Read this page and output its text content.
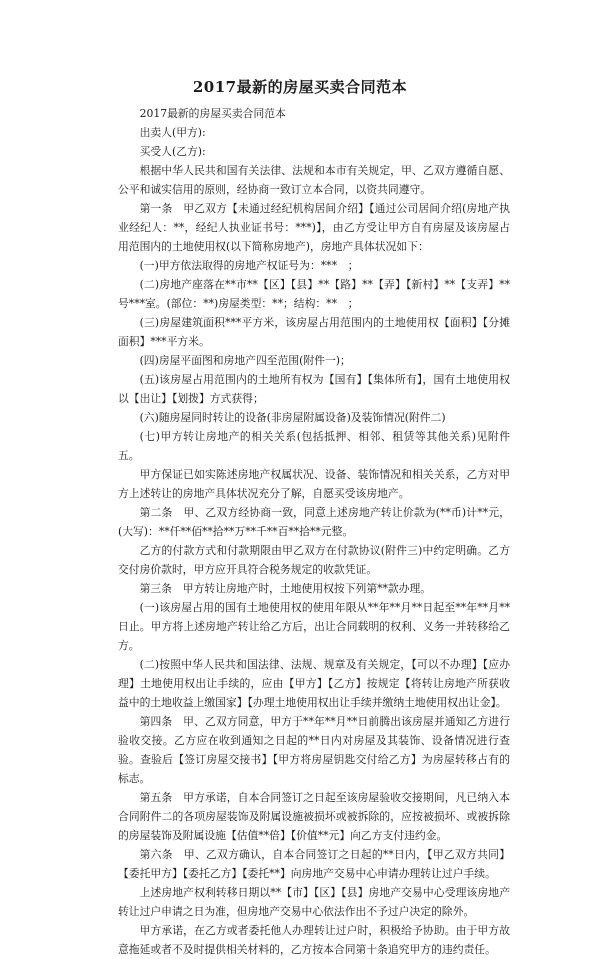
2017最新的房屋买卖合同范本

2017最新的房屋买卖合同范本

出卖人(甲方):

买受人(乙方):

根据中华人民共和国有关法律、法规和本市有关规定，甲、乙双方遵循自愿、公平和诚实信用的原则，经协商一致订立本合同，以资共同遵守。

第一条　甲乙双方【未通过经纪机构居间介绍】【通过公司居间介绍(房地产执业经纪人：**，经纪人执业证书号：***)】，由乙方受让甲方自有房屋及该房屋占用范围内的土地使用权(以下简称房地产)，房地产具体状况如下：

(一)甲方依法取得的房地产权证号为：***　；

(二)房地产座落在**市**【区】【县】**【路】**【弄】【新村】**【支弄】**号***室。(部位：**)房屋类型：**；结构：**　；

(三)房屋建筑面积***平方米，该房屋占用范围内的土地使用权【面积】【分摊面积】***平方米。

(四)房屋平面图和房地产四至范围(附件一)；

(五)该房屋占用范围内的土地所有权为【国有】【集体所有】，国有土地使用权以【出让】【划拨】方式获得；

(六)随房屋同时转让的设备(非房屋附属设备)及装饰情况(附件二)

(七)甲方转让房地产的相关关系(包括抵押、相邻、租赁等其他关系)见附件五。

甲方保证已如实陈述房地产权属状况、设备、装饰情况和相关关系，乙方对甲方上述转让的房地产具体状况充分了解，自愿买受该房地产。

第二条　甲、乙双方经协商一致，同意上述房地产转让价款为(**币)计**元，(大写)：**仟**佰**拾**万**千**百**拾**元整。

乙方的付款方式和付款期限由甲乙双方在付款协议(附件三)中约定明确。乙方交付房价款时，甲方应开具符合税务规定的收款凭证。

第三条　甲方转让房地产时，土地使用权按下列第**款办理。

(一)该房屋占用的国有土地使用权的使用年限从**年**月**日起至**年**月**日止。甲方将上述房地产转让给乙方后，出让合同载明的权利、义务一并转移给乙方。

(二)按照中华人民共和国法律、法规、规章及有关规定，【可以不办理】【应办理】土地使用权出让手续的，应由【甲方】【乙方】按规定【将转让房地产所获收益中的土地收益上缴国家】【办理土地使用权出让手续并缴纳土地使用权出让金】。

第四条　甲、乙双方同意，甲方于**年**月**日前腾出该房屋并通知乙方进行验收交接。乙方应在收到通知之日起的**日内对房屋及其装饰、设备情况进行查验。查验后【签订房屋交接书】【甲方将房屋钥匙交付给乙方】为房屋转移占有的标志。

第五条　甲方承诺，自本合同签订之日起至该房屋验收交接期间，凡已纳入本合同附件二的各项房屋装饰及附属设施被损坏或被拆除的，应按被损坏、或被拆除的房屋装饰及附属设施【估值**倍】【价值**元】向乙方支付违约金。

第六条　甲、乙双方确认，自本合同签订之日起的**日内，【甲乙双方共同】【委托甲方】【委托乙方】【委托**】向房地产交易中心申请办理转让过户手续。

上述房地产权利转移日期以**【市】【区】【县】房地产交易中心受理该房地产转让过户申请之日为准，但房地产交易中心依法作出不予过户决定的除外。

甲方承诺，在乙方或者委托他人办理转让过户时，积极给予协助。由于甲方故意拖延或者不及时提供相关材料的，乙方按本合同第十条追究甲方的违约责任。
